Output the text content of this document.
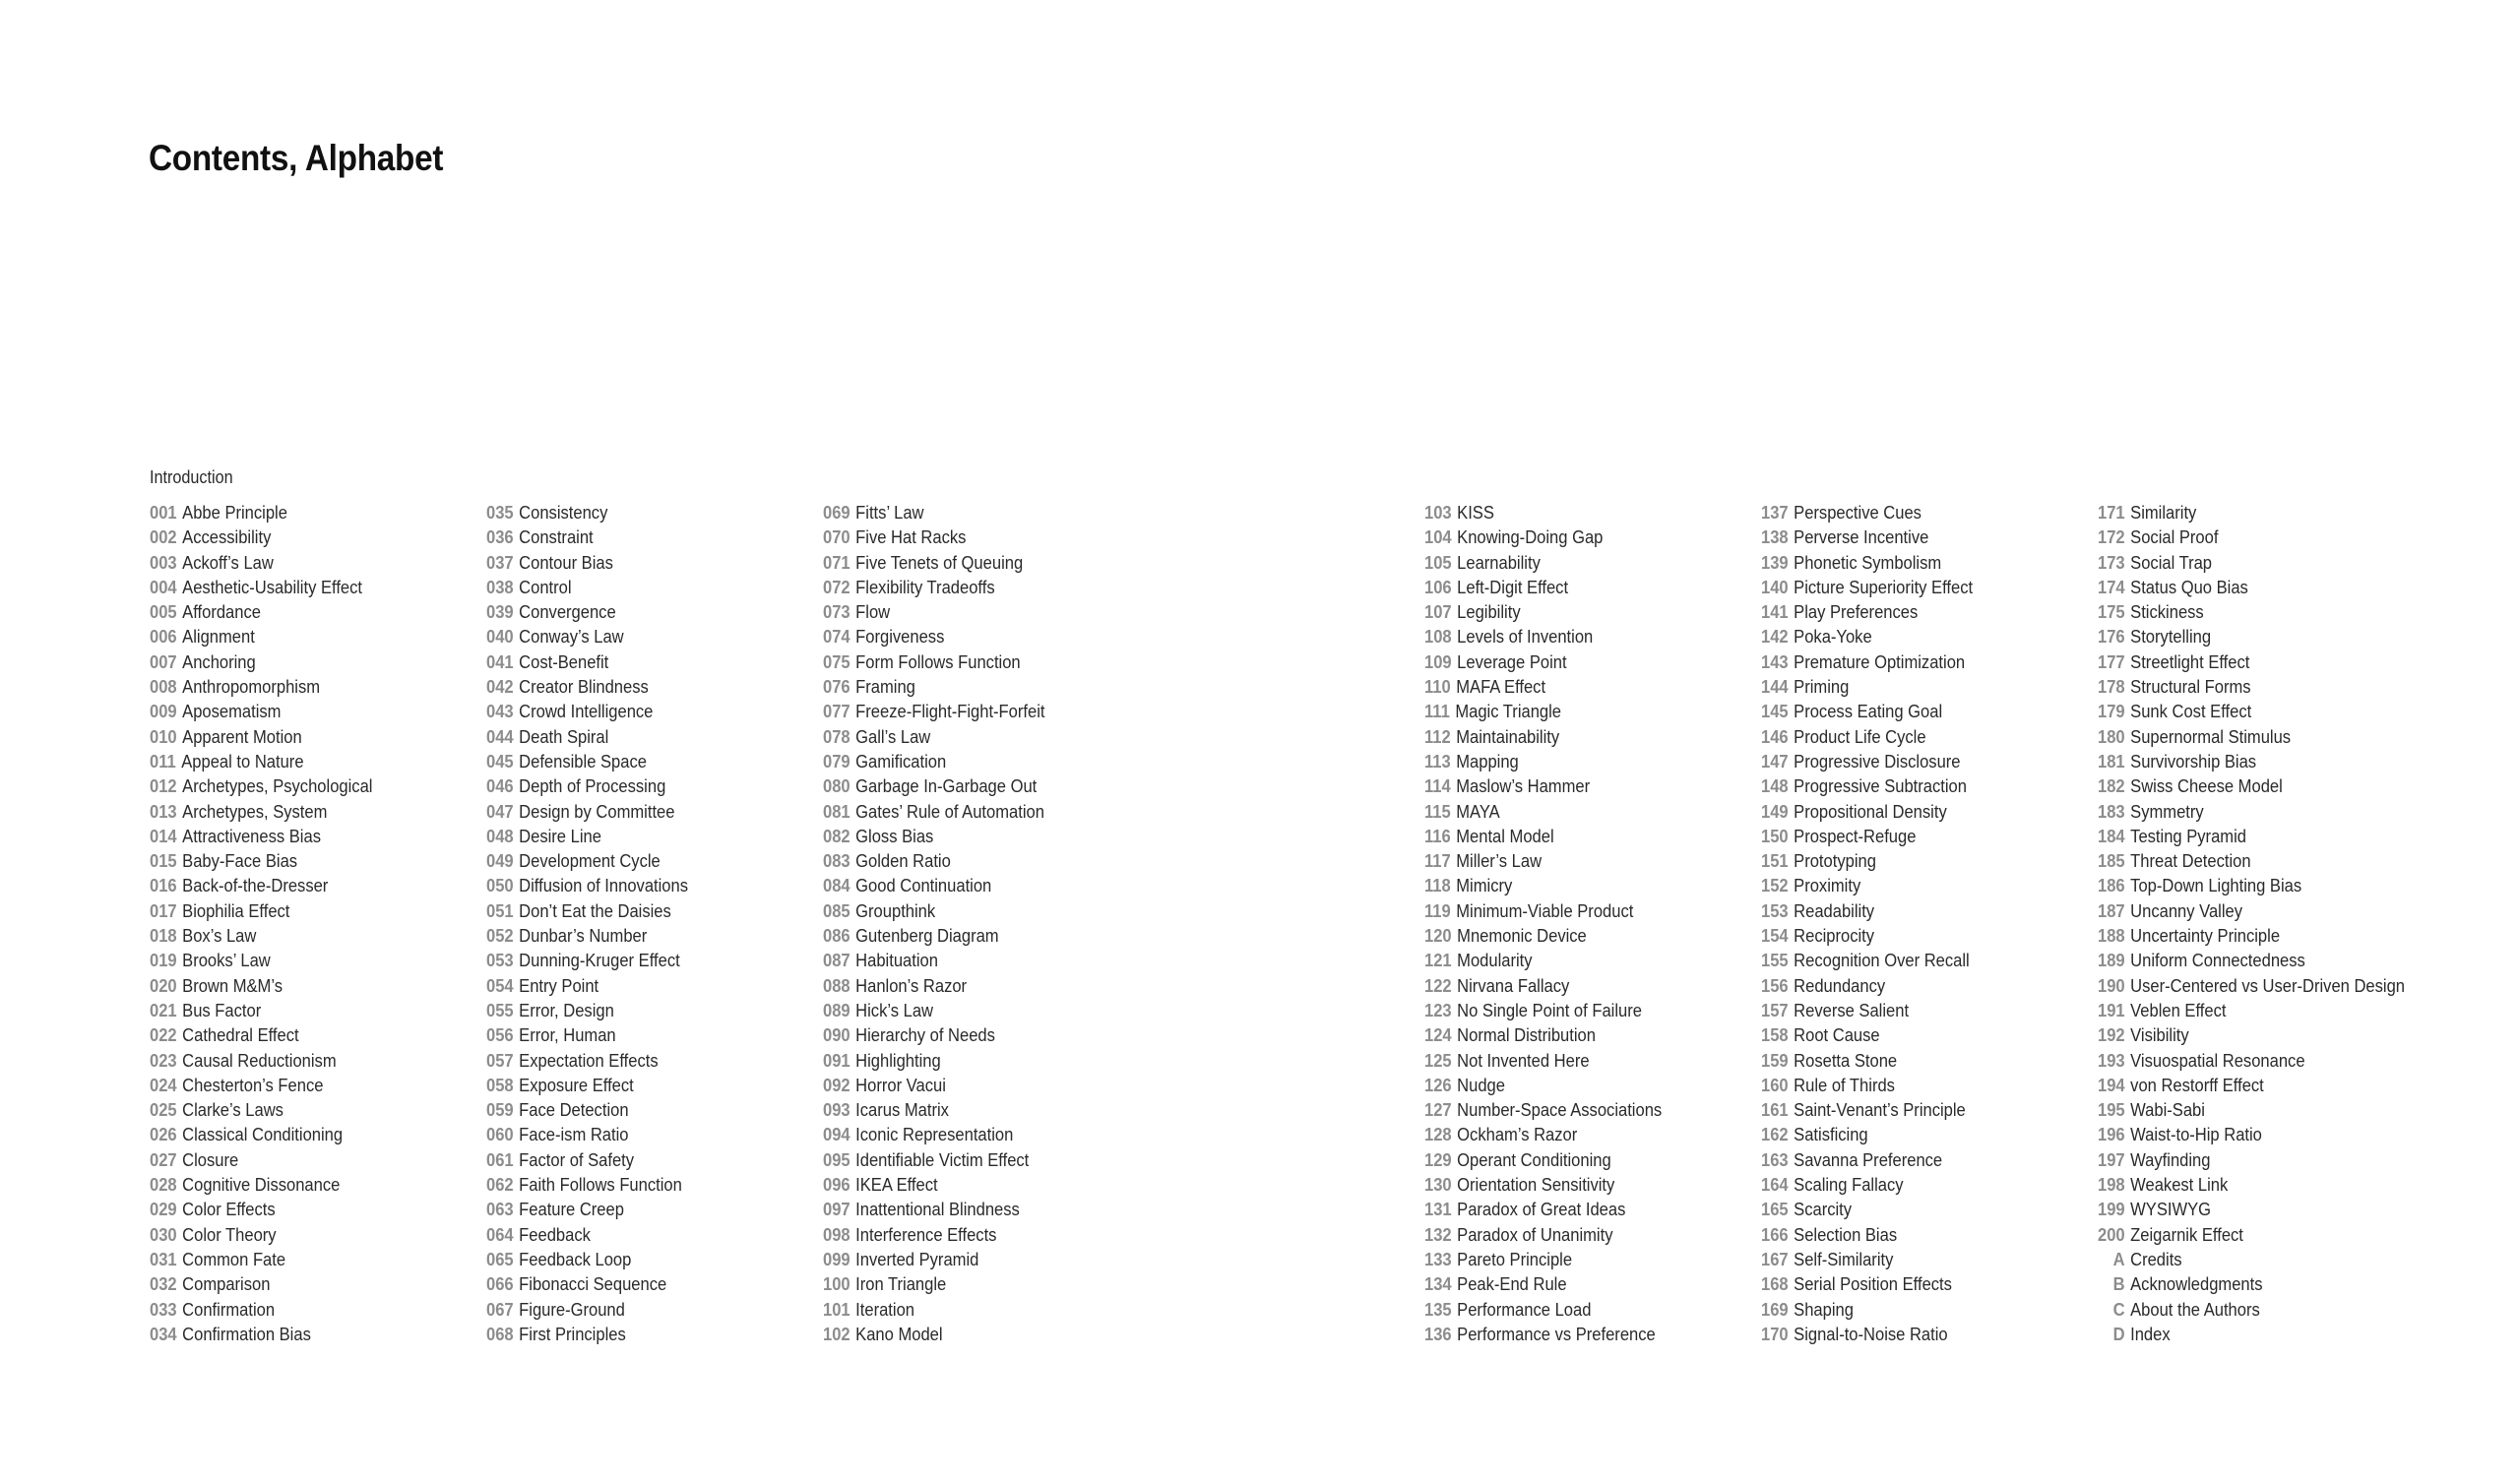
Contents, Alphabet
Introduction
001 Abbe Principle
002 Accessibility
003 Ackoff’s Law
004 Aesthetic-Usability Effect
005 Affordance
006 Alignment
007 Anchoring
008 Anthropomorphism
009 Aposematism
010 Apparent Motion
011 Appeal to Nature
012 Archetypes, Psychological
013 Archetypes, System
014 Attractiveness Bias
015 Baby-Face Bias
016 Back-of-the-Dresser
017 Biophilia Effect
018 Box’s Law
019 Brooks’ Law
020 Brown M&M’s
021 Bus Factor
022 Cathedral Effect
023 Causal Reductionism
024 Chesterton’s Fence
025 Clarke’s Laws
026 Classical Conditioning
027 Closure
028 Cognitive Dissonance
029 Color Effects
030 Color Theory
031 Common Fate
032 Comparison
033 Confirmation
034 Confirmation Bias
035 Consistency
036 Constraint
037 Contour Bias
038 Control
039 Convergence
040 Conway’s Law
041 Cost-Benefit
042 Creator Blindness
043 Crowd Intelligence
044 Death Spiral
045 Defensible Space
046 Depth of Processing
047 Design by Committee
048 Desire Line
049 Development Cycle
050 Diffusion of Innovations
051 Don’t Eat the Daisies
052 Dunbar’s Number
053 Dunning-Kruger Effect
054 Entry Point
055 Error, Design
056 Error, Human
057 Expectation Effects
058 Exposure Effect
059 Face Detection
060 Face-ism Ratio
061 Factor of Safety
062 Faith Follows Function
063 Feature Creep
064 Feedback
065 Feedback Loop
066 Fibonacci Sequence
067 Figure-Ground
068 First Principles
069 Fitts’ Law
070 Five Hat Racks
071 Five Tenets of Queuing
072 Flexibility Tradeoffs
073 Flow
074 Forgiveness
075 Form Follows Function
076 Framing
077 Freeze-Flight-Fight-Forfeit
078 Gall’s Law
079 Gamification
080 Garbage In-Garbage Out
081 Gates’ Rule of Automation
082 Gloss Bias
083 Golden Ratio
084 Good Continuation
085 Groupthink
086 Gutenberg Diagram
087 Habituation
088 Hanlon’s Razor
089 Hick’s Law
090 Hierarchy of Needs
091 Highlighting
092 Horror Vacui
093 Icarus Matrix
094 Iconic Representation
095 Identifiable Victim Effect
096 IKEA Effect
097 Inattentional Blindness
098 Interference Effects
099 Inverted Pyramid
100 Iron Triangle
101 Iteration
102 Kano Model
103 KISS
104 Knowing-Doing Gap
105 Learnability
106 Left-Digit Effect
107 Legibility
108 Levels of Invention
109 Leverage Point
110 MAFA Effect
111 Magic Triangle
112 Maintainability
113 Mapping
114 Maslow’s Hammer
115 MAYA
116 Mental Model
117 Miller’s Law
118 Mimicry
119 Minimum-Viable Product
120 Mnemonic Device
121 Modularity
122 Nirvana Fallacy
123 No Single Point of Failure
124 Normal Distribution
125 Not Invented Here
126 Nudge
127 Number-Space Associations
128 Ockham’s Razor
129 Operant Conditioning
130 Orientation Sensitivity
131 Paradox of Great Ideas
132 Paradox of Unanimity
133 Pareto Principle
134 Peak-End Rule
135 Performance Load
136 Performance vs Preference
137 Perspective Cues
138 Perverse Incentive
139 Phonetic Symbolism
140 Picture Superiority Effect
141 Play Preferences
142 Poka-Yoke
143 Premature Optimization
144 Priming
145 Process Eating Goal
146 Product Life Cycle
147 Progressive Disclosure
148 Progressive Subtraction
149 Propositional Density
150 Prospect-Refuge
151 Prototyping
152 Proximity
153 Readability
154 Reciprocity
155 Recognition Over Recall
156 Redundancy
157 Reverse Salient
158 Root Cause
159 Rosetta Stone
160 Rule of Thirds
161 Saint-Venant’s Principle
162 Satisficing
163 Savanna Preference
164 Scaling Fallacy
165 Scarcity
166 Selection Bias
167 Self-Similarity
168 Serial Position Effects
169 Shaping
170 Signal-to-Noise Ratio
171 Similarity
172 Social Proof
173 Social Trap
174 Status Quo Bias
175 Stickiness
176 Storytelling
177 Streetlight Effect
178 Structural Forms
179 Sunk Cost Effect
180 Supernormal Stimulus
181 Survivorship Bias
182 Swiss Cheese Model
183 Symmetry
184 Testing Pyramid
185 Threat Detection
186 Top-Down Lighting Bias
187 Uncanny Valley
188 Uncertainty Principle
189 Uniform Connectedness
190 User-Centered vs User-Driven Design
191 Veblen Effect
192 Visibility
193 Visuospatial Resonance
194 von Restorff Effect
195 Wabi-Sabi
196 Waist-to-Hip Ratio
197 Wayfinding
198 Weakest Link
199 WYSIWYG
200 Zeigarnik Effect
A Credits
B Acknowledgments
C About the Authors
D Index
